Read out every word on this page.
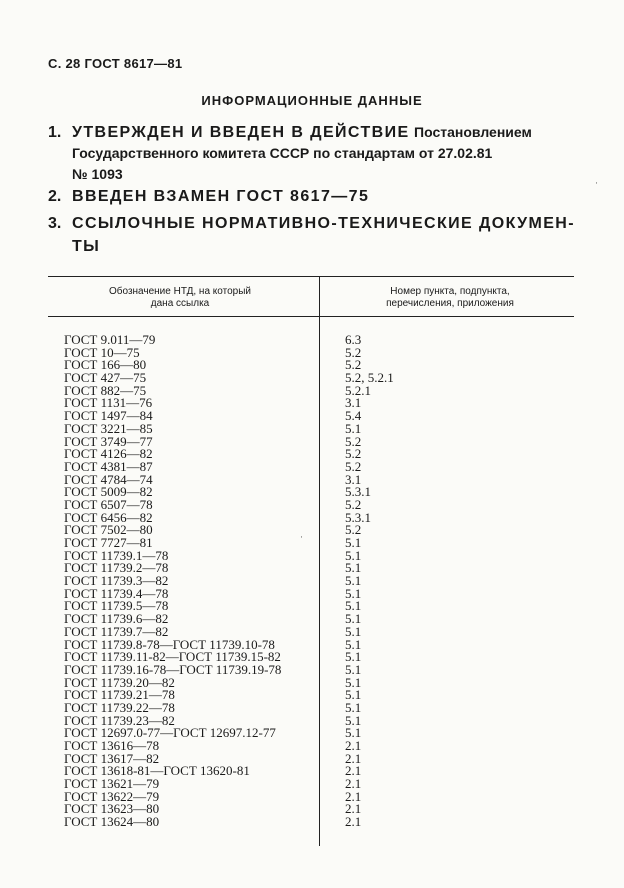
С. 28 ГОСТ 8617—81
ИНФОРМАЦИОННЫЕ ДАННЫЕ
1. УТВЕРЖДЕН И ВВЕДЕН В ДЕЙСТВИЕ Постановлением
Государственного комитета СССР по стандартам от 27.02.81
№ 1093
2. ВВЕДЕН ВЗАМЕН ГОСТ 8617—75
3. ССЫЛОЧНЫЕ НОРМАТИВНО-ТЕХНИЧЕСКИЕ ДОКУМЕН-
ТЫ
Обозначение НТД, на который
дана ссылка
Номер пункта, подпункта,
перечисления, приложения
ГОСТ 9.011—79	6.3
ГОСТ 10—75	5.2
ГОСТ 166—80	5.2
ГОСТ 427—75	5.2, 5.2.1
ГОСТ 882—75	5.2.1
ГОСТ 1131—76	3.1
ГОСТ 1497—84	5.4
ГОСТ 3221—85	5.1
ГОСТ 3749—77	5.2
ГОСТ 4126—82	5.2
ГОСТ 4381—87	5.2
ГОСТ 4784—74	3.1
ГОСТ 5009—82	5.3.1
ГОСТ 6507—78	5.2
ГОСТ 6456—82	5.3.1
ГОСТ 7502—80	5.2
ГОСТ 7727—81	5.1
ГОСТ 11739.1—78	5.1
ГОСТ 11739.2—78	5.1
ГОСТ 11739.3—82	5.1
ГОСТ 11739.4—78	5.1
ГОСТ 11739.5—78	5.1
ГОСТ 11739.6—82	5.1
ГОСТ 11739.7—82	5.1
ГОСТ 11739.8-78—ГОСТ 11739.10-78	5.1
ГОСТ 11739.11-82—ГОСТ 11739.15-82	5.1
ГОСТ 11739.16-78—ГОСТ 11739.19-78	5.1
ГОСТ 11739.20—82	5.1
ГОСТ 11739.21—78	5.1
ГОСТ 11739.22—78	5.1
ГОСТ 11739.23—82	5.1
ГОСТ 12697.0-77—ГОСТ 12697.12-77	5.1
ГОСТ 13616—78	2.1
ГОСТ 13617—82	2.1
ГОСТ 13618-81—ГОСТ 13620-81	2.1
ГОСТ 13621—79	2.1
ГОСТ 13622—79	2.1
ГОСТ 13623—80	2.1
ГОСТ 13624—80	2.1
·
·
